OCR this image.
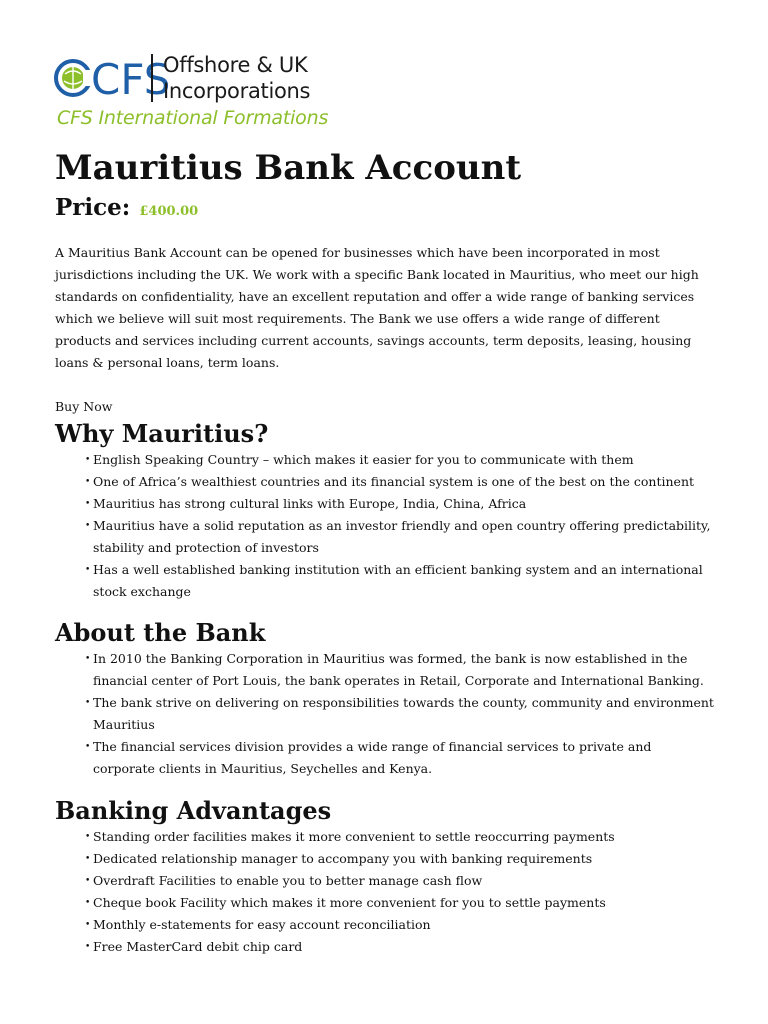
CFS
Offshore & UK
Incorporations
CFS International Formations
Mauritius Bank Account
Price: £400.00

A Mauritius Bank Account can be opened for businesses which have been incorporated in most jurisdictions including the UK. We work with a specific Bank located in Mauritius, who meet our high standards on confidentiality, have an excellent reputation and offer a wide range of banking services which we believe will suit most requirements. The Bank we use offers a wide range of different products and services including current accounts, savings accounts, term deposits, leasing, housing loans & personal loans, term loans.

Buy Now
Why Mauritius?
• English Speaking Country – which makes it easier for you to communicate with them
• One of Africa’s wealthiest countries and its financial system is one of the best on the continent
• Mauritius has strong cultural links with Europe, India, China, Africa
• Mauritius have a solid reputation as an investor friendly and open country offering predictability, stability and protection of investors
• Has a well established banking institution with an efficient banking system and an international stock exchange
About the Bank
• In 2010 the Banking Corporation in Mauritius was formed, the bank is now established in the financial center of Port Louis, the bank operates in Retail, Corporate and International Banking.
• The bank strive on delivering on responsibilities towards the county, community and environment Mauritius
• The financial services division provides a wide range of financial services to private and corporate clients in Mauritius, Seychelles and Kenya.
Banking Advantages
• Standing order facilities makes it more convenient to settle reoccurring payments
• Dedicated relationship manager to accompany you with banking requirements
• Overdraft Facilities to enable you to better manage cash flow
• Cheque book Facility which makes it more convenient for you to settle payments
• Monthly e-statements for easy account reconciliation
• Free MasterCard debit chip card
